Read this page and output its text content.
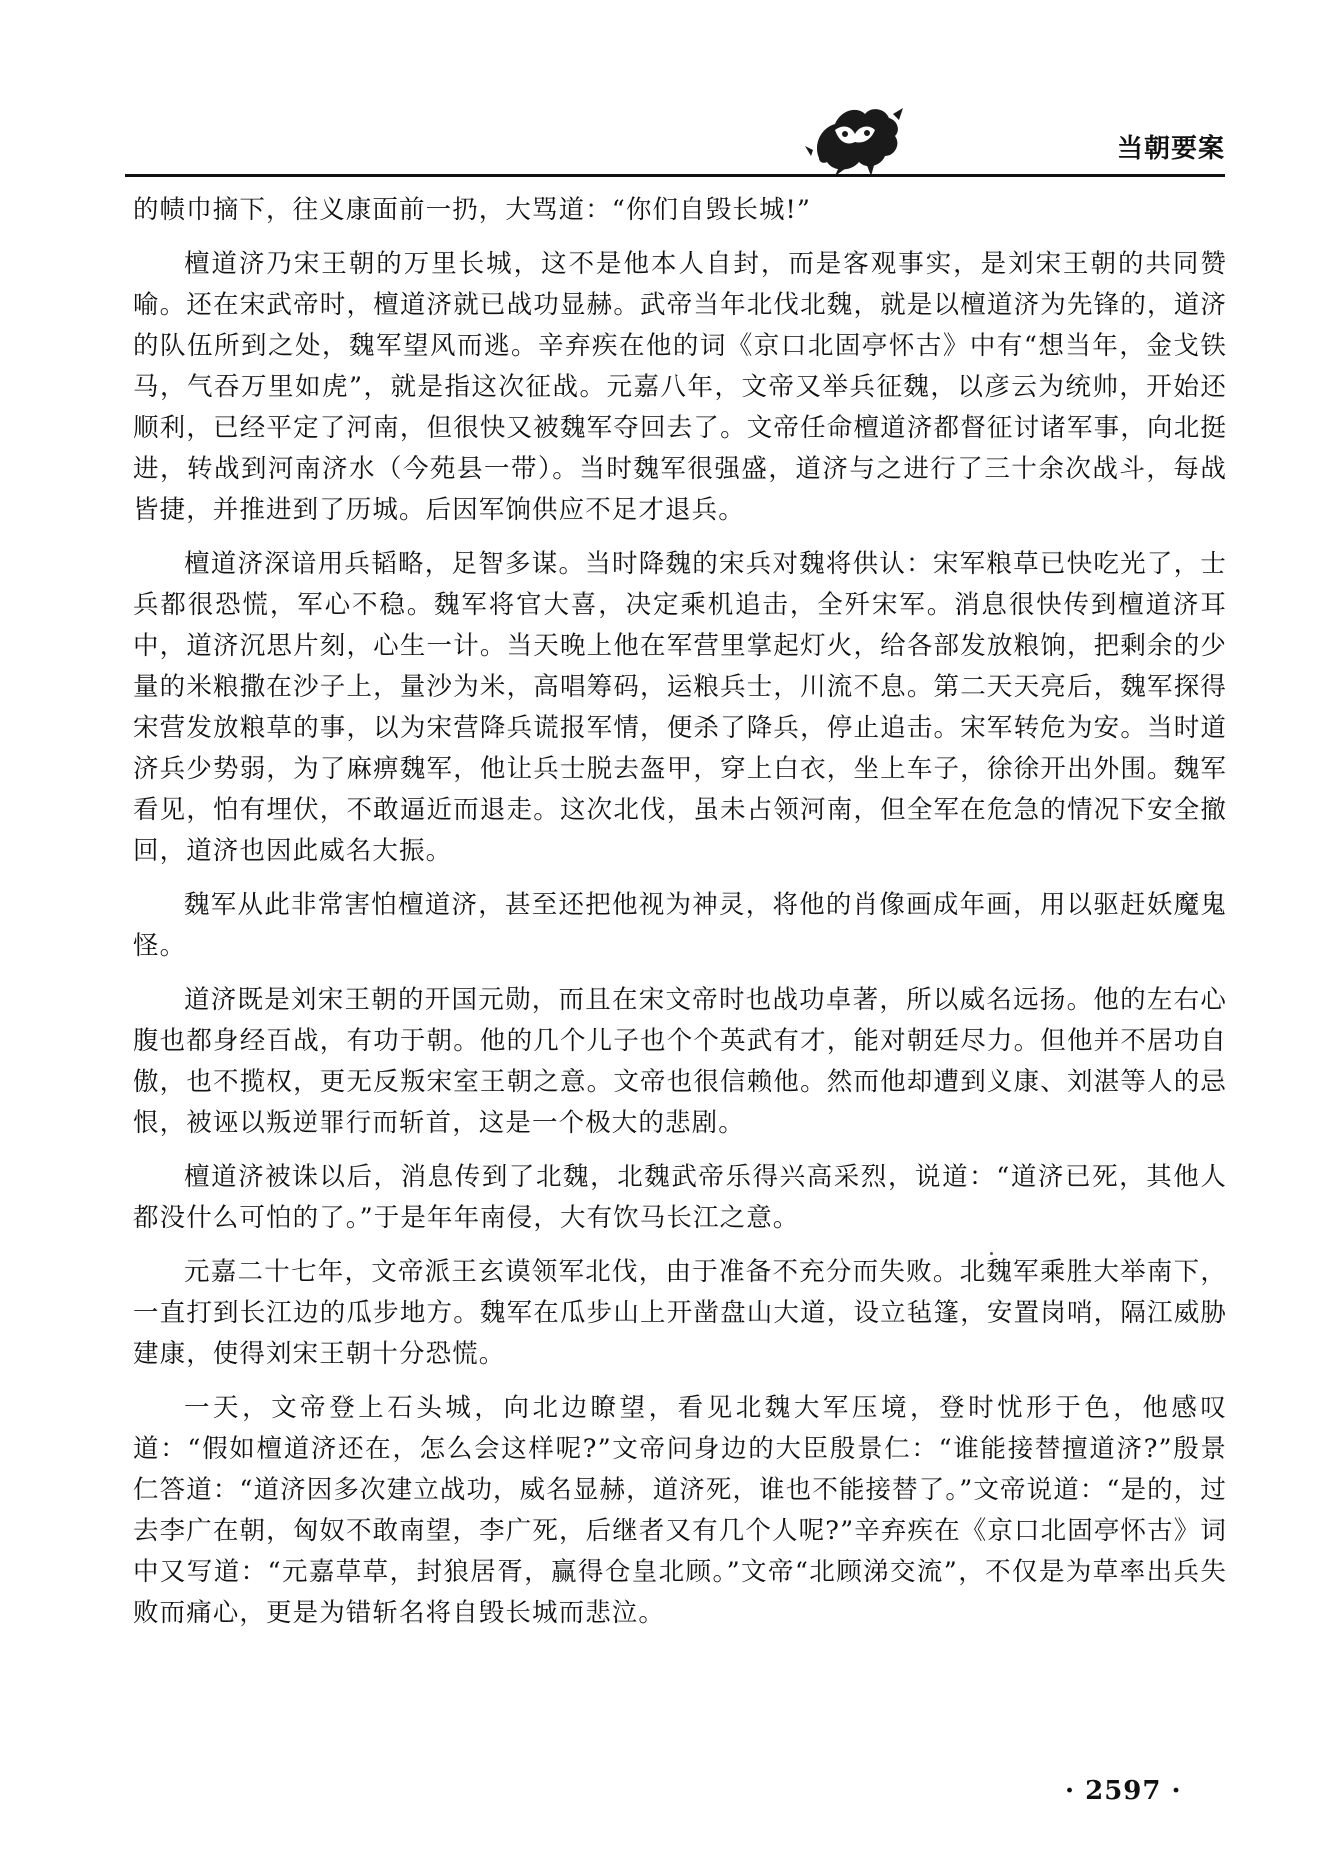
当朝要案

的帻巾摘下，往义康面前一扔，大骂道：“你们自毁长城!”

檀道济乃宋王朝的万里长城，这不是他本人自封，而是客观事实，是刘宋王朝的共同赞喻。还在宋武帝时，檀道济就已战功显赫。武帝当年北伐北魏，就是以檀道济为先锋的，道济的队伍所到之处，魏军望风而逃。辛弃疾在他的词《京口北固亭怀古》中有“想当年，金戈铁马，气吞万里如虎”，就是指这次征战。元嘉八年，文帝又举兵征魏，以彦云为统帅，开始还顺利，已经平定了河南，但很快又被魏军夺回去了。文帝任命檀道济都督征讨诸军事，向北挺进，转战到河南济水（今苑县一带）。当时魏军很强盛，道济与之进行了三十余次战斗，每战皆捷，并推进到了历城。后因军饷供应不足才退兵。

檀道济深谙用兵韬略，足智多谋。当时降魏的宋兵对魏将供认：宋军粮草已快吃光了，士兵都很恐慌，军心不稳。魏军将官大喜，决定乘机追击，全歼宋军。消息很快传到檀道济耳中，道济沉思片刻，心生一计。当天晚上他在军营里掌起灯火，给各部发放粮饷，把剩余的少量的米粮撒在沙子上，量沙为米，高唱筹码，运粮兵士，川流不息。第二天天亮后，魏军探得宋营发放粮草的事，以为宋营降兵谎报军情，便杀了降兵，停止追击。宋军转危为安。当时道济兵少势弱，为了麻痹魏军，他让兵士脱去盔甲，穿上白衣，坐上车子，徐徐开出外围。魏军看见，怕有埋伏，不敢逼近而退走。这次北伐，虽未占领河南，但全军在危急的情况下安全撤回，道济也因此威名大振。

魏军从此非常害怕檀道济，甚至还把他视为神灵，将他的肖像画成年画，用以驱赶妖魔鬼怪。

道济既是刘宋王朝的开国元勋，而且在宋文帝时也战功卓著，所以威名远扬。他的左右心腹也都身经百战，有功于朝。他的几个儿子也个个英武有才，能对朝廷尽力。但他并不居功自傲，也不揽权，更无反叛宋室王朝之意。文帝也很信赖他。然而他却遭到义康、刘湛等人的忌恨，被诬以叛逆罪行而斩首，这是一个极大的悲剧。

檀道济被诛以后，消息传到了北魏，北魏武帝乐得兴高采烈，说道：“道济已死，其他人都没什么可怕的了。”于是年年南侵，大有饮马长江之意。

元嘉二十七年，文帝派王玄谟领军北伐，由于准备不充分而失败。北魏军乘胜大举南下，一直打到长江边的瓜步地方。魏军在瓜步山上开凿盘山大道，设立毡篷，安置岗哨，隔江威胁建康，使得刘宋王朝十分恐慌。

一天，文帝登上石头城，向北边瞭望，看见北魏大军压境，登时忧形于色，他感叹道：“假如檀道济还在，怎么会这样呢?”文帝问身边的大臣殷景仁：“谁能接替擅道济?”殷景仁答道：“道济因多次建立战功，威名显赫，道济死，谁也不能接替了。”文帝说道：“是的，过去李广在朝，匈奴不敢南望，李广死，后继者又有几个人呢?”辛弃疾在《京口北固亭怀古》词中又写道：“元嘉草草，封狼居胥，赢得仓皇北顾。”文帝“北顾涕交流”，不仅是为草率出兵失败而痛心，更是为错斩名将自毁长城而悲泣。

· 2597 ·
